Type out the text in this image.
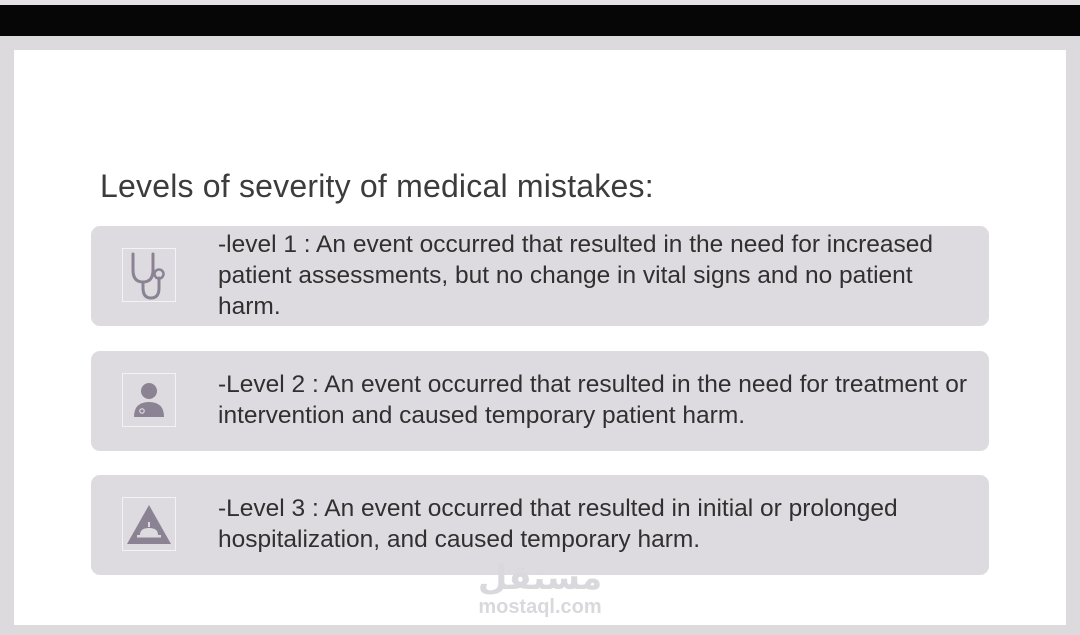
Levels of severity of medical mistakes:
-level 1 : An event occurred that resulted in the need for increased patient assessments, but no change in vital signs and no patient harm.
-Level 2 : An event occurred that resulted in the need for treatment or intervention and caused temporary patient harm.
-Level 3 : An event occurred that resulted in initial or prolonged hospitalization, and caused temporary harm.
مستقل
mostaql.com
